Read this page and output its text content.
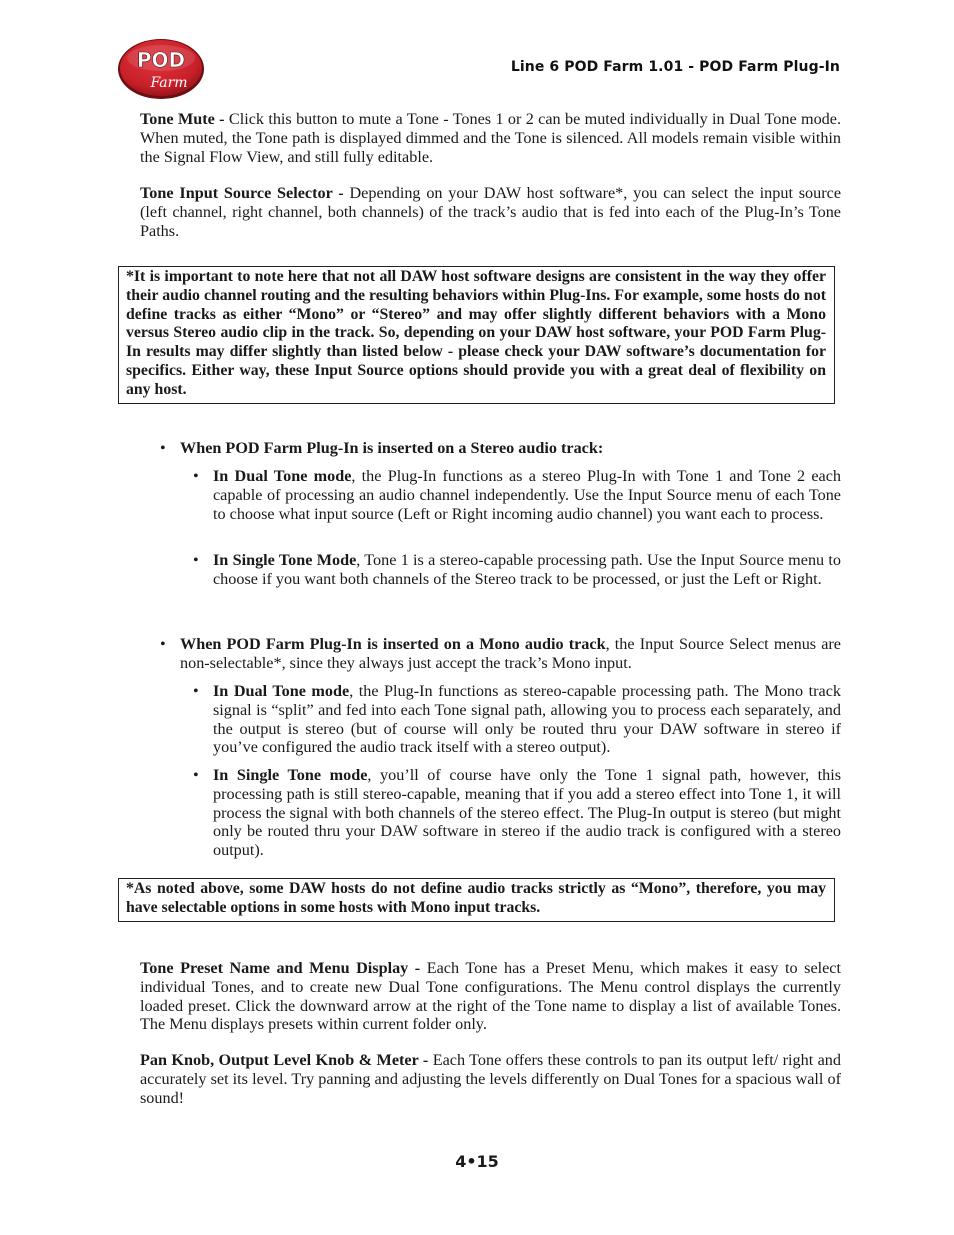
POD
Farm
Line 6 POD Farm 1.01 - POD Farm Plug-In

Tone Mute - Click this button to mute a Tone - Tones 1 or 2 can be muted individually in Dual Tone mode. When muted, the Tone path is displayed dimmed and the Tone is silenced. All models remain visible within the Signal Flow View, and still fully editable.

Tone Input Source Selector - Depending on your DAW host software*, you can select the input source (left channel, right channel, both channels) of the track’s audio that is fed into each of the Plug-In’s Tone Paths.

*It is important to note here that not all DAW host software designs are consistent in the way they offer their audio channel routing and the resulting behaviors within Plug-Ins. For example, some hosts do not define tracks as either “Mono” or “Stereo” and may offer slightly different behaviors with a Mono versus Stereo audio clip in the track. So, depending on your DAW host software, your POD Farm Plug-In results may differ slightly than listed below - please check your DAW software’s documentation for specifics. Either way, these Input Source options should provide you with a great deal of flexibility on any host.

• When POD Farm Plug-In is inserted on a Stereo audio track:

• In Dual Tone mode, the Plug-In functions as a stereo Plug-In with Tone 1 and Tone 2 each capable of processing an audio channel independently. Use the Input Source menu of each Tone to choose what input source (Left or Right incoming audio channel) you want each to process.

• In Single Tone Mode, Tone 1 is a stereo-capable processing path. Use the Input Source menu to choose if you want both channels of the Stereo track to be processed, or just the Left or Right.

• When POD Farm Plug-In is inserted on a Mono audio track, the Input Source Select menus are non-selectable*, since they always just accept the track’s Mono input.

• In Dual Tone mode, the Plug-In functions as stereo-capable processing path. The Mono track signal is “split” and fed into each Tone signal path, allowing you to process each separately, and the output is stereo (but of course will only be routed thru your DAW software in stereo if you’ve configured the audio track itself with a stereo output).

• In Single Tone mode, you’ll of course have only the Tone 1 signal path, however, this processing path is still stereo-capable, meaning that if you add a stereo effect into Tone 1, it will process the signal with both channels of the stereo effect. The Plug-In output is stereo (but might only be routed thru your DAW software in stereo if the audio track is configured with a stereo output).

*As noted above, some DAW hosts do not define audio tracks strictly as “Mono”, therefore, you may have selectable options in some hosts with Mono input tracks.

Tone Preset Name and Menu Display - Each Tone has a Preset Menu, which makes it easy to select individual Tones, and to create new Dual Tone configurations. The Menu control displays the currently loaded preset. Click the downward arrow at the right of the Tone name to display a list of available Tones. The Menu displays presets within current folder only.

Pan Knob, Output Level Knob & Meter - Each Tone offers these controls to pan its output left/ right and accurately set its level. Try panning and adjusting the levels differently on Dual Tones for a spacious wall of sound!

4•15
